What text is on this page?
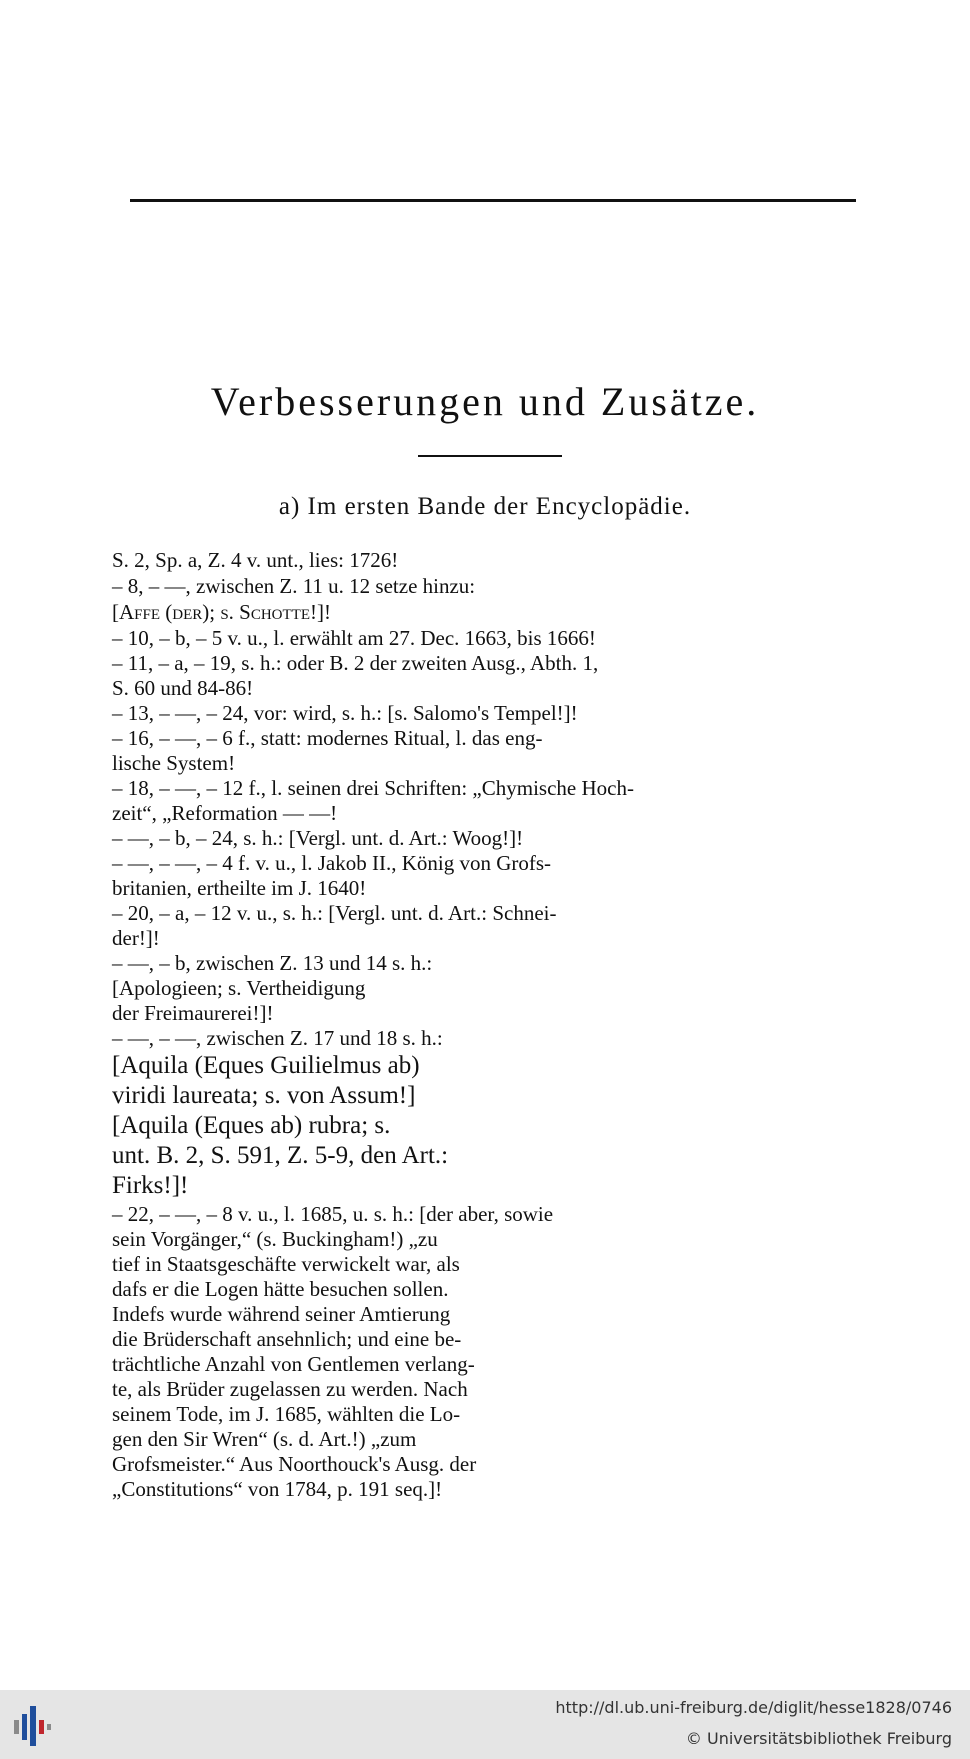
Verbesserungen und Zusätze.
a) Im ersten Bande der Encyclopädie.
S. 2, Sp. a, Z. 4 v. unt., lies: 1726!
– 8, – —, zwischen Z. 11 u. 12 setze hinzu:
[Affe (der); s. Schotte!]!
– 10, – b, – 5 v. u., l. erwählt am 27. Dec. 1663, bis 1666!
– 11, – a, – 19, s. h.: oder B. 2 der zweiten Ausg., Abth. 1,
S. 60 und 84-86!
– 13, – —, – 24, vor: wird, s. h.: [s. Salomo's Tempel!]!
– 16, – —, – 6 f., statt: modernes Ritual, l. das eng-
lische System!
– 18, – —, – 12 f., l. seinen drei Schriften: „Chymische Hoch-
zeit“, „Reformation — —!
– —, – b, – 24, s. h.: [Vergl. unt. d. Art.: Woog!]!
– —, – —, – 4 f. v. u., l. Jakob II., König von Grofs-
britanien, ertheilte im J. 1640!
– 20, – a, – 12 v. u., s. h.: [Vergl. unt. d. Art.: Schnei-
der!]!
– —, – b, zwischen Z. 13 und 14 s. h.:
[Apologieen; s. Vertheidigung
der Freimaurerei!]!
– —, – —, zwischen Z. 17 und 18 s. h.:
[Aquila (Eques Guilielmus ab)
viridi laureata; s. von Assum!]
[Aquila (Eques ab) rubra; s.
unt. B. 2, S. 591, Z. 5-9, den Art.:
Firks!]!
– 22, – —, – 8 v. u., l. 1685, u. s. h.: [der aber, sowie
sein Vorgänger,“ (s. Buckingham!) „zu
tief in Staatsgeschäfte verwickelt war, als
dafs er die Logen hätte besuchen sollen.
Indefs wurde während seiner Amtierung
die Brüderschaft ansehnlich; und eine be-
trächtliche Anzahl von Gentlemen verlang-
te, als Brüder zugelassen zu werden. Nach
seinem Tode, im J. 1685, wählten die Lo-
gen den Sir Wren“ (s. d. Art.!) „zum
Grofsmeister.“ Aus Noorthouck's Ausg. der
„Constitutions“ von 1784, p. 191 seq.]!
http://dl.ub.uni-freiburg.de/diglit/hesse1828/0746
© Universitätsbibliothek Freiburg
